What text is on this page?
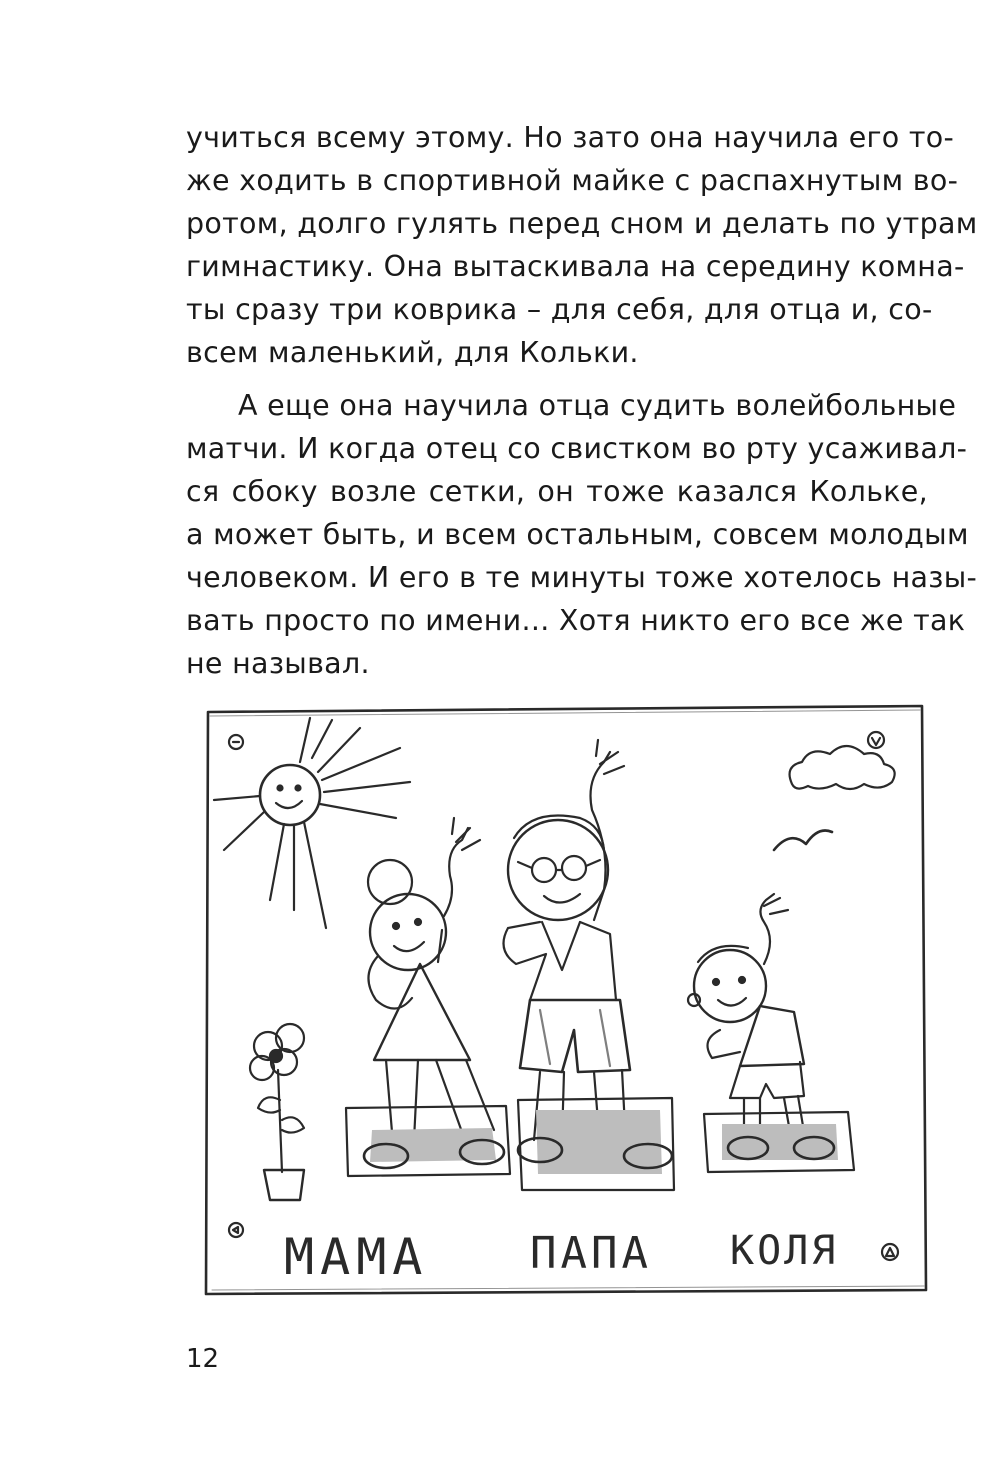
учиться всему этому. Но зато она научила его то-
же ходить в спортивной майке с распахнутым во-
ротом, долго гулять перед сном и делать по утрам
гимнастику. Она вытаскивала на середину комна-
ты сразу три коврика – для себя, для отца и, со-
всем маленький, для Кольки.
А еще она научила отца судить волейбольные
матчи. И когда отец со свистком во рту усаживал-
ся сбоку возле сетки, он тоже казался Кольке,
а может быть, и всем остальным, совсем молодым
человеком. И его в те минуты тоже хотелось назы-
вать просто по имени... Хотя никто его все же так
не называл.
МАМА ПАПА КОЛЯ
12
